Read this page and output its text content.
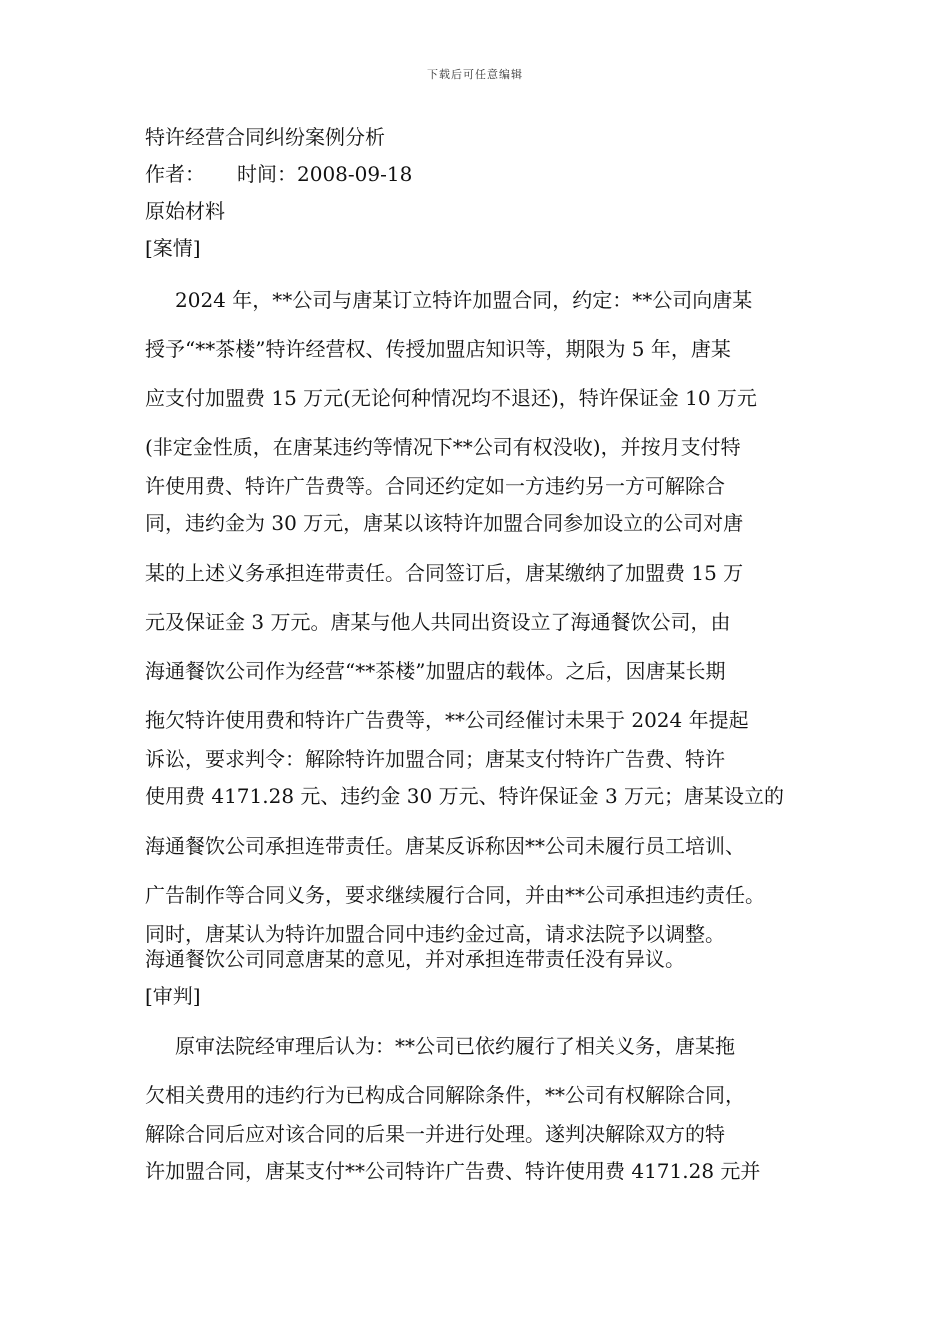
下载后可任意编辑
特许经营合同纠纷案例分析
作者： 时间：2008-09-18
原始材料
[案情]
2024 年，**公司与唐某订立特许加盟合同，约定：**公司向唐某
授予“**茶楼”特许经营权、传授加盟店知识等，期限为 5 年，唐某
应支付加盟费 15 万元(无论何种情况均不退还)，特许保证金 10 万元
(非定金性质，在唐某违约等情况下**公司有权没收)，并按月支付特
许使用费、特许广告费等。合同还约定如一方违约另一方可解除合
同，违约金为 30 万元，唐某以该特许加盟合同参加设立的公司对唐
某的上述义务承担连带责任。合同签订后，唐某缴纳了加盟费 15 万
元及保证金 3 万元。唐某与他人共同出资设立了海通餐饮公司，由
海通餐饮公司作为经营“**茶楼”加盟店的载体。之后，因唐某长期
拖欠特许使用费和特许广告费等，**公司经催讨未果于 2024 年提起
诉讼，要求判令：解除特许加盟合同；唐某支付特许广告费、特许
使用费 4171.28 元、违约金 30 万元、特许保证金 3 万元；唐某设立的
海通餐饮公司承担连带责任。唐某反诉称因**公司未履行员工培训、
广告制作等合同义务，要求继续履行合同，并由**公司承担违约责任。
同时，唐某认为特许加盟合同中违约金过高，请求法院予以调整。
海通餐饮公司同意唐某的意见，并对承担连带责任没有异议。
[审判]
原审法院经审理后认为：**公司已依约履行了相关义务，唐某拖
欠相关费用的违约行为已构成合同解除条件，**公司有权解除合同，
解除合同后应对该合同的后果一并进行处理。遂判决解除双方的特
许加盟合同，唐某支付**公司特许广告费、特许使用费 4171.28 元并
